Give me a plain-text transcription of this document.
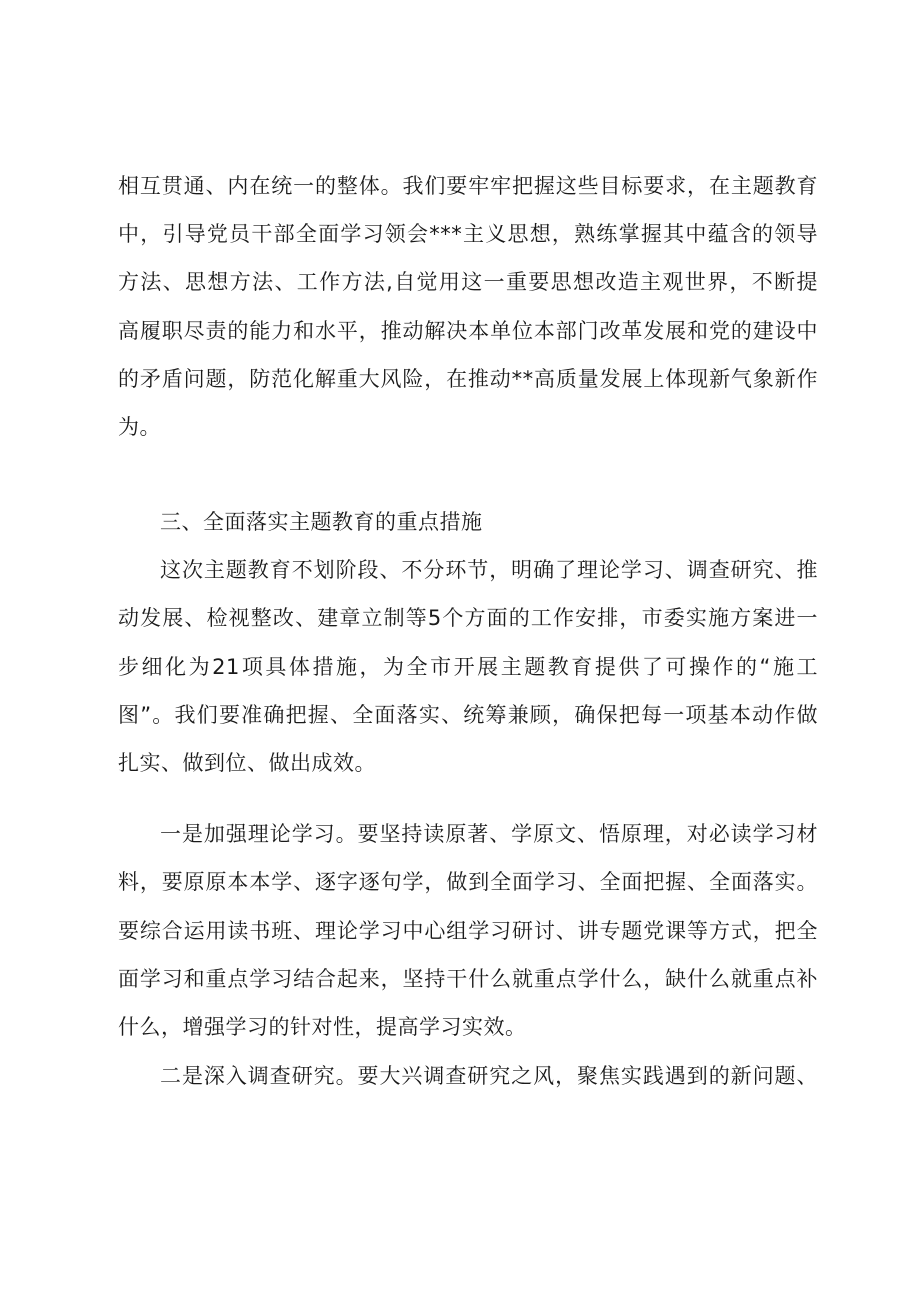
相互贯通、内在统一的整体。我们要牢牢把握这些目标要求，在主题教育
中，引导党员干部全面学习领会***主义思想，熟练掌握其中蕴含的领导
方法、思想方法、工作方法,自觉用这一重要思想改造主观世界，不断提
高履职尽责的能力和水平，推动解决本单位本部门改革发展和党的建设中
的矛盾问题，防范化解重大风险，在推动**高质量发展上体现新气象新作
为。
三、全面落实主题教育的重点措施
这次主题教育不划阶段、不分环节，明确了理论学习、调查研究、推
动发展、检视整改、建章立制等5个方面的工作安排，市委实施方案进一
步细化为21项具体措施，为全市开展主题教育提供了可操作的“施工
图”。我们要准确把握、全面落实、统筹兼顾，确保把每一项基本动作做
扎实、做到位、做出成效。
一是加强理论学习。要坚持读原著、学原文、悟原理，对必读学习材
料，要原原本本学、逐字逐句学，做到全面学习、全面把握、全面落实。
要综合运用读书班、理论学习中心组学习研讨、讲专题党课等方式，把全
面学习和重点学习结合起来，坚持干什么就重点学什么，缺什么就重点补
什么，增强学习的针对性，提高学习实效。
二是深入调查研究。要大兴调查研究之风，聚焦实践遇到的新问题、
